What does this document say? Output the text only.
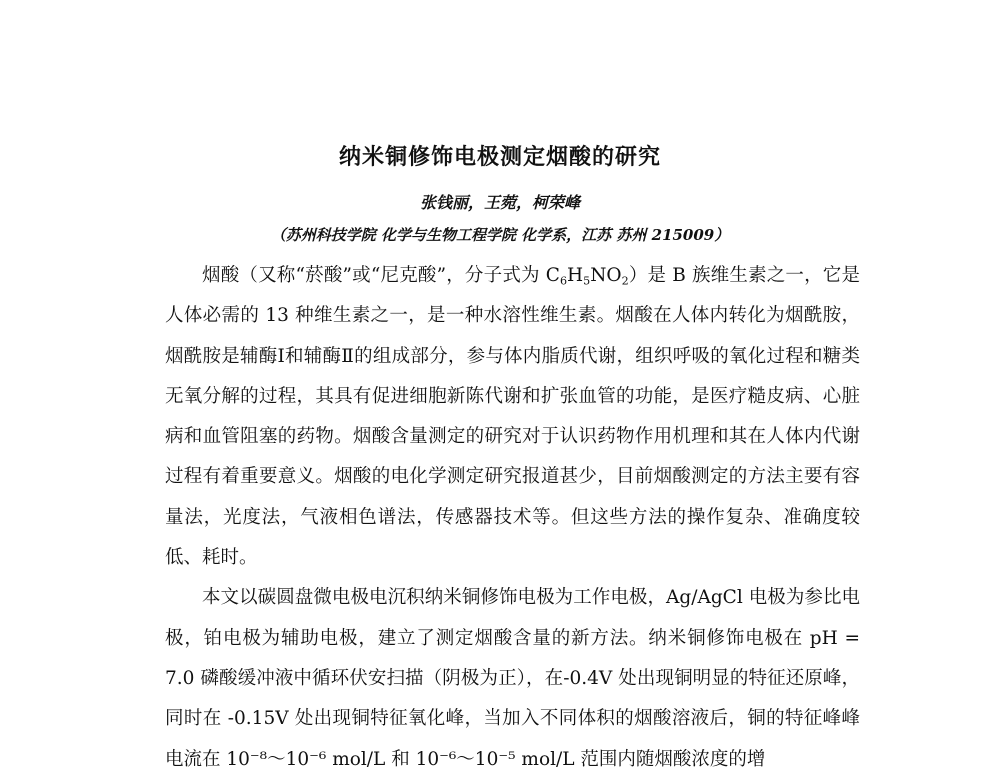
纳米铜修饰电极测定烟酸的研究
张钱丽，王菀，柯荣峰
（苏州科技学院 化学与生物工程学院 化学系，江苏 苏州 215009）

烟酸（又称“菸酸”或“尼克酸”，分子式为 $C_6H_5NO_2$）是 B 族维生素之一，它是人体必需的 13 种维生素之一，是一种水溶性维生素。烟酸在人体内转化为烟酰胺，烟酰胺是辅酶Ⅰ和辅酶Ⅱ的组成部分，参与体内脂质代谢，组织呼吸的氧化过程和糖类无氧分解的过程，其具有促进细胞新陈代谢和扩张血管的功能，是医疗糙皮病、心脏病和血管阻塞的药物。烟酸含量测定的研究对于认识药物作用机理和其在人体内代谢过程有着重要意义。烟酸的电化学测定研究报道甚少，目前烟酸测定的方法主要有容量法，光度法，气液相色谱法，传感器技术等。但这些方法的操作复杂、准确度较低、耗时。

本文以碳圆盘微电极电沉积纳米铜修饰电极为工作电极，Ag/AgCl 电极为参比电极，铂电极为辅助电极，建立了测定烟酸含量的新方法。纳米铜修饰电极在 pH = 7.0 磷酸缓冲液中循环伏安扫描（阴极为正），在-0.4V 处出现铜明显的特征还原峰，同时在 -0.15V 处出现铜特征氧化峰，当加入不同体积的烟酸溶液后，铜的特征峰峰电流在 10⁻⁸～10⁻⁶ mol/L 和 10⁻⁶～10⁻⁵ mol/L 范围内随烟酸浓度的增
